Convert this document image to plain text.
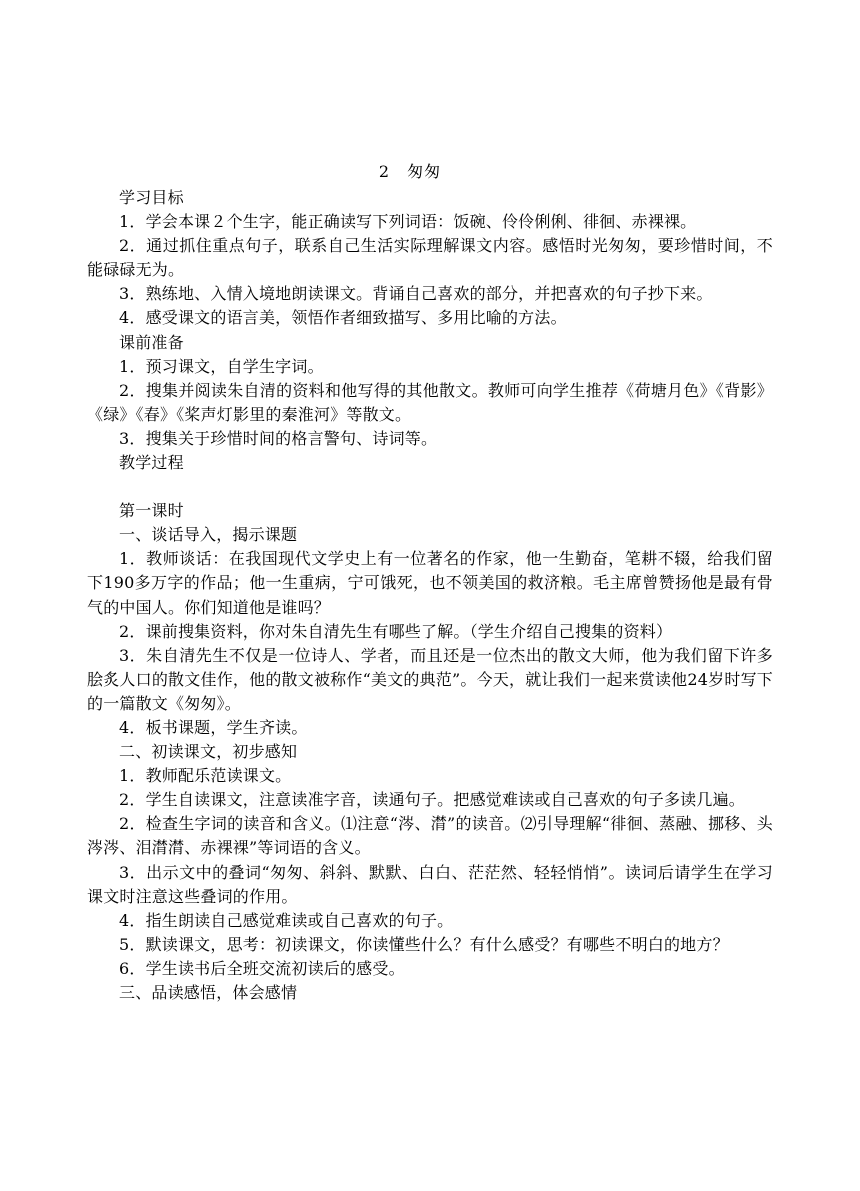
2　匆匆

学习目标

1．学会本课２个生字，能正确读写下列词语：饭碗、伶伶俐俐、徘徊、赤裸裸。

2．通过抓住重点句子，联系自己生活实际理解课文内容。感悟时光匆匆，要珍惜时间，不能碌碌无为。

3．熟练地、入情入境地朗读课文。背诵自己喜欢的部分，并把喜欢的句子抄下来。

4．感受课文的语言美，领悟作者细致描写、多用比喻的方法。

课前准备

1．预习课文，自学生字词。

2．搜集并阅读朱自清的资料和他写得的其他散文。教师可向学生推荐《荷塘月色》《背影》《绿》《春》《桨声灯影里的秦淮河》等散文。

3．搜集关于珍惜时间的格言警句、诗词等。

教学过程

第一课时

一、谈话导入，揭示课题

1．教师谈话：在我国现代文学史上有一位著名的作家，他一生勤奋，笔耕不辍，给我们留下190多万字的作品；他一生重病，宁可饿死，也不领美国的救济粮。毛主席曾赞扬他是最有骨气的中国人。你们知道他是谁吗？

2．课前搜集资料，你对朱自清先生有哪些了解。（学生介绍自己搜集的资料）

3．朱自清先生不仅是一位诗人、学者，而且还是一位杰出的散文大师，他为我们留下许多脍炙人口的散文佳作，他的散文被称作“美文的典范”。今天，就让我们一起来赏读他24岁时写下的一篇散文《匆匆》。

4．板书课题，学生齐读。

二、初读课文，初步感知

1．教师配乐范读课文。

2．学生自读课文，注意读准字音，读通句子。把感觉难读或自己喜欢的句子多读几遍。

2．检查生字词的读音和含义。⑴注意“涔、潸”的读音。⑵引导理解“徘徊、蒸融、挪移、头涔涔、泪潸潸、赤裸裸”等词语的含义。

3．出示文中的叠词“匆匆、斜斜、默默、白白、茫茫然、轻轻悄悄”。读词后请学生在学习课文时注意这些叠词的作用。

4．指生朗读自己感觉难读或自己喜欢的句子。

5．默读课文，思考：初读课文，你读懂些什么？有什么感受？有哪些不明白的地方？

6．学生读书后全班交流初读后的感受。

三、品读感悟，体会感情
